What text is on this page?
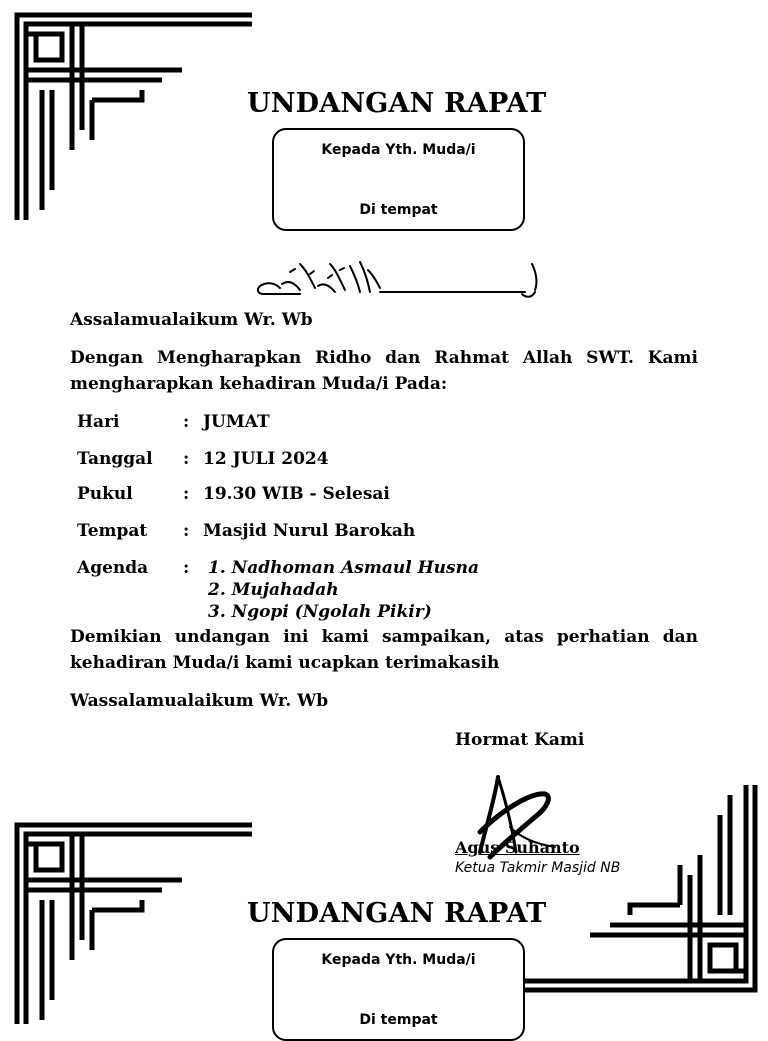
UNDANGAN RAPAT
Kepada Yth. Muda/i
Di tempat
Assalamualaikum Wr. Wb
Dengan Mengharapkan Ridho dan Rahmat Allah SWT. Kami
mengharapkan kehadiran Muda/i Pada:
Hari	: JUMAT
Tanggal : 12 JULI 2024
Pukul	: 19.30 WIB - Selesai
Tempat : Masjid Nurul Barokah
Agenda : 1. Nadhoman Asmaul Husna
2. Mujahadah
3. Ngopi (Ngolah Pikir)
Demikian undangan ini kami sampaikan, atas perhatian dan
kehadiran Muda/i kami ucapkan terimakasih
Wassalamualaikum Wr. Wb
Hormat Kami
Agus Suhanto
Ketua Takmir Masjid NB
UNDANGAN RAPAT
Kepada Yth. Muda/i
Di tempat
